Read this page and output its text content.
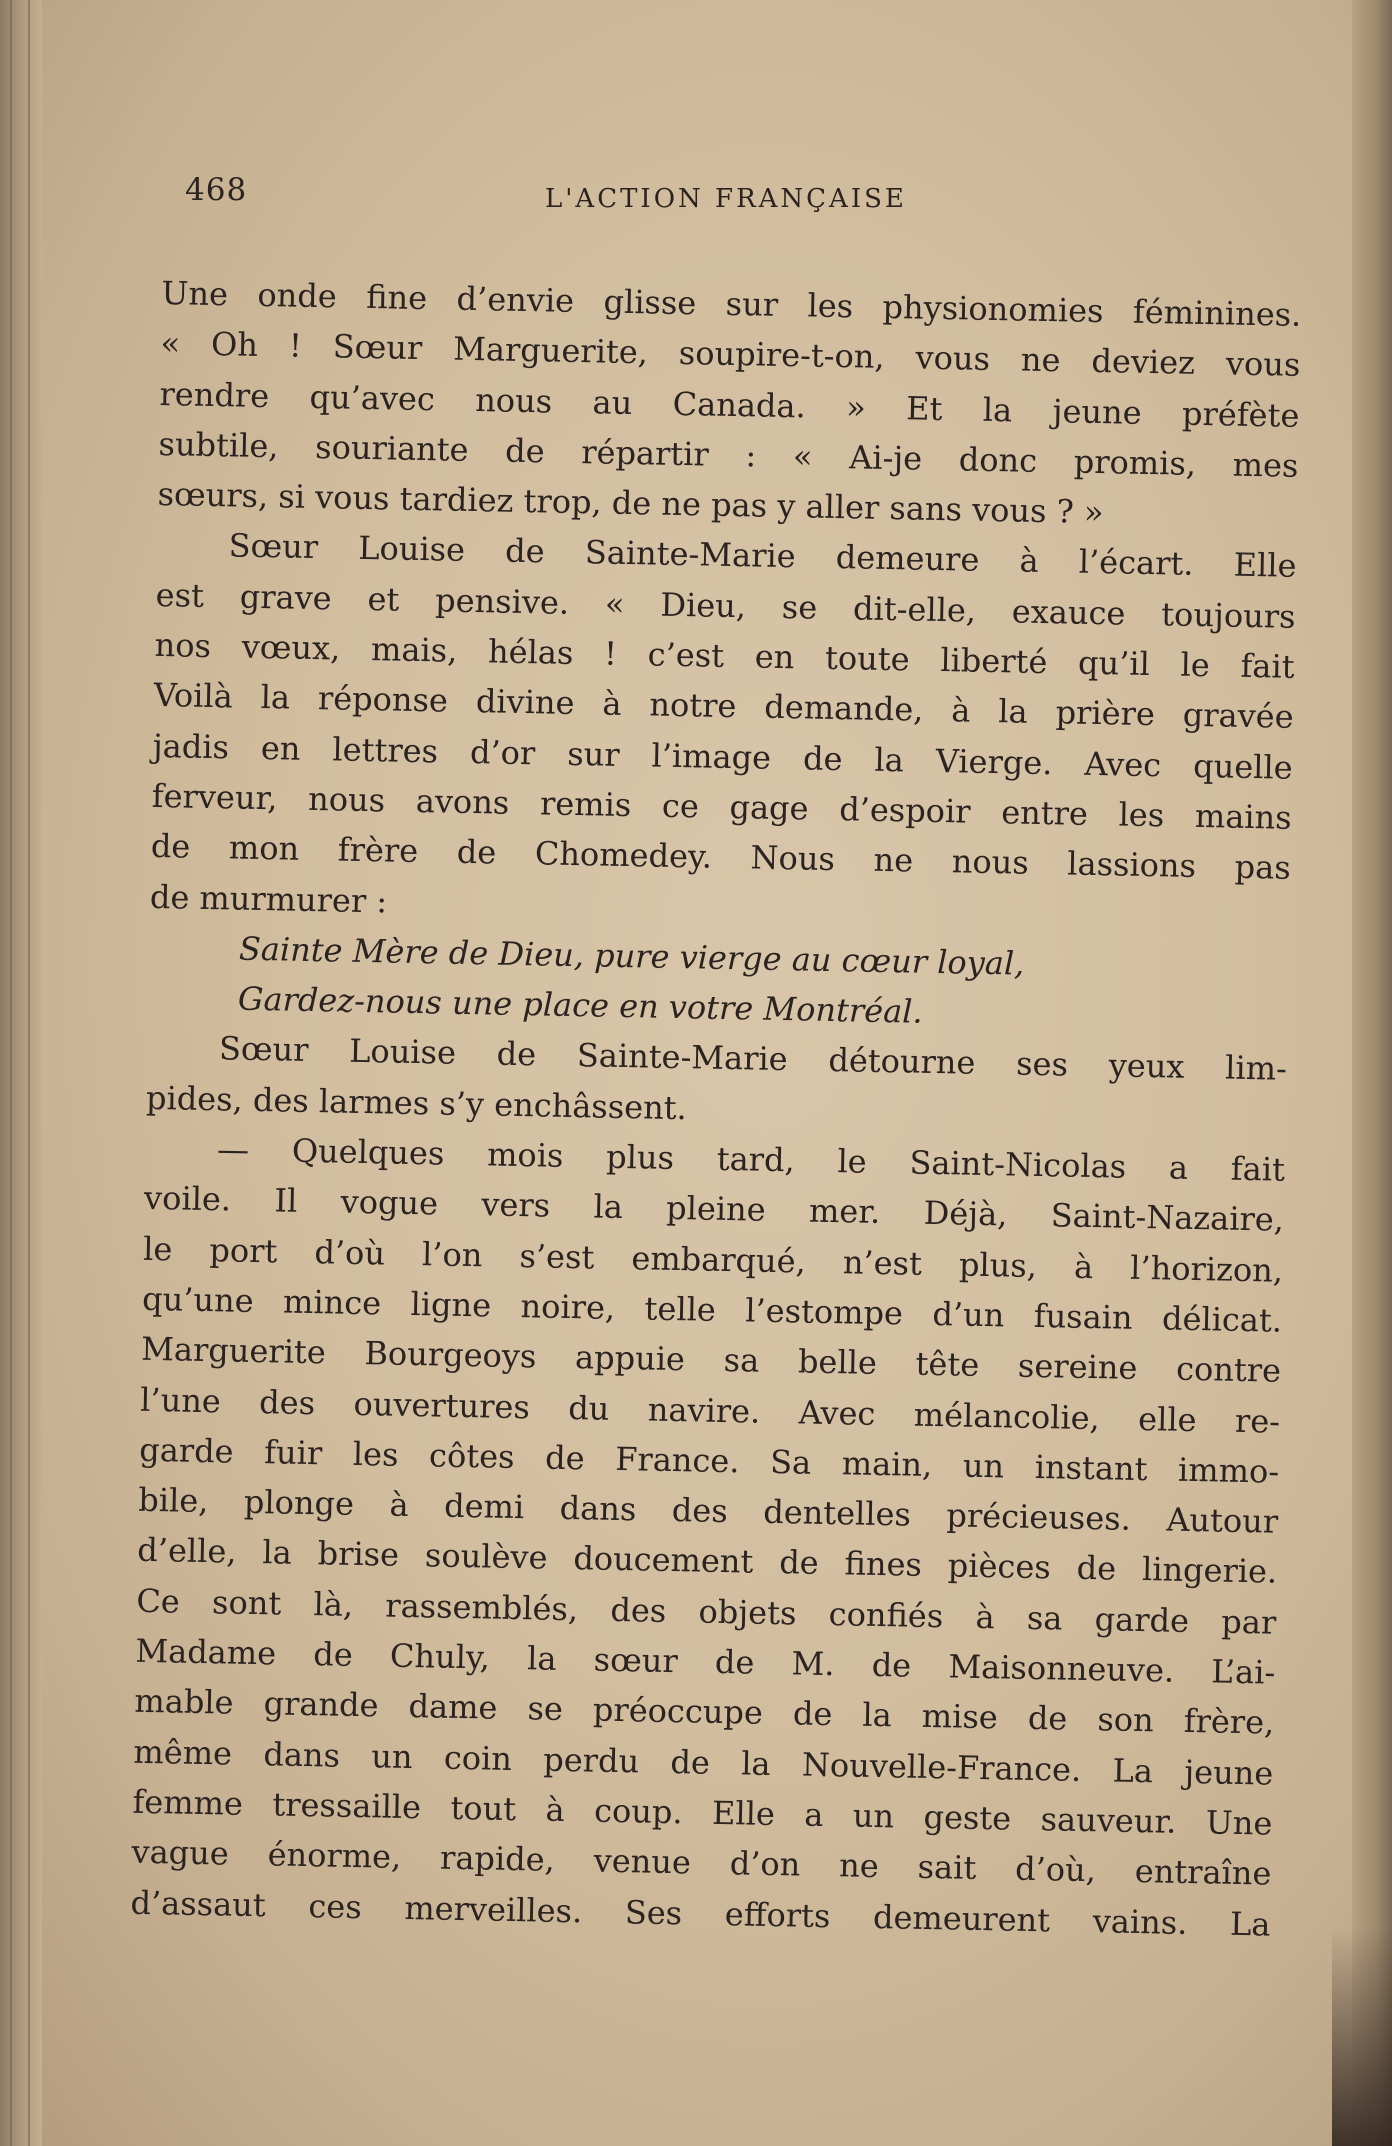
468	L'ACTION FRANÇAISE
Une onde fine d’envie glisse sur les physionomies féminines.
« Oh ! Sœur Marguerite, soupire-t-on, vous ne deviez vous
rendre qu’avec nous au Canada. » Et la jeune préfète
subtile, souriante de répartir : « Ai-je donc promis, mes
sœurs, si vous tardiez trop, de ne pas y aller sans vous ? »
Sœur Louise de Sainte-Marie demeure à l’écart. Elle
est grave et pensive. « Dieu, se dit-elle, exauce toujours
nos vœux, mais, hélas ! c’est en toute liberté qu’il le fait
Voilà la réponse divine à notre demande, à la prière gravée
jadis en lettres d’or sur l’image de la Vierge. Avec quelle
ferveur, nous avons remis ce gage d’espoir entre les mains
de mon frère de Chomedey. Nous ne nous lassions pas
de murmurer :
Sainte Mère de Dieu, pure vierge au cœur loyal,
Gardez-nous une place en votre Montréal.
Sœur Louise de Sainte-Marie détourne ses yeux lim-
pides, des larmes s’y enchâssent.
— Quelques mois plus tard, le Saint-Nicolas a fait
voile. Il vogue vers la pleine mer. Déjà, Saint-Nazaire,
le port d’où l’on s’est embarqué, n’est plus, à l’horizon,
qu’une mince ligne noire, telle l’estompe d’un fusain délicat.
Marguerite Bourgeoys appuie sa belle tête sereine contre
l’une des ouvertures du navire. Avec mélancolie, elle re-
garde fuir les côtes de France. Sa main, un instant immo-
bile, plonge à demi dans des dentelles précieuses. Autour
d’elle, la brise soulève doucement de fines pièces de lingerie.
Ce sont là, rassemblés, des objets confiés à sa garde par
Madame de Chuly, la sœur de M. de Maisonneuve. L’ai-
mable grande dame se préoccupe de la mise de son frère,
même dans un coin perdu de la Nouvelle-France. La jeune
femme tressaille tout à coup. Elle a un geste sauveur. Une
vague énorme, rapide, venue d’on ne sait d’où, entraîne
d’assaut ces merveilles. Ses efforts demeurent vains. La
